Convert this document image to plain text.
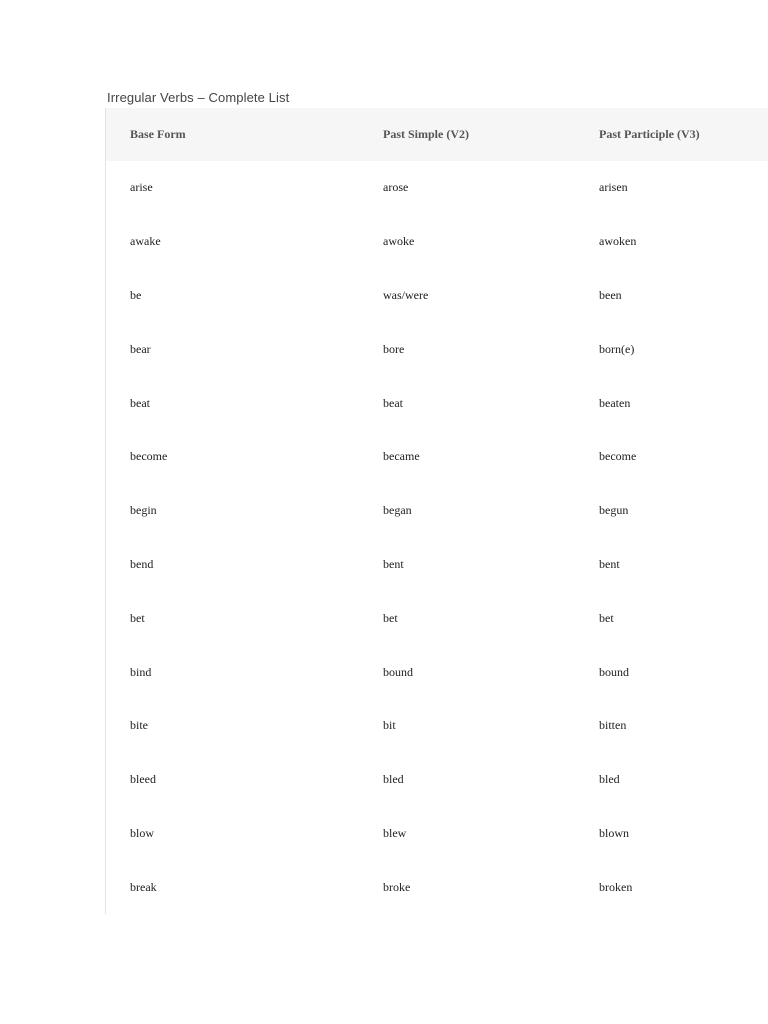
Irregular Verbs – Complete List
Base Form	Past Simple (V2)	Past Participle (V3)
arise	arose	arisen
awake	awoke	awoken
be	was/were	been
bear	bore	born(e)
beat	beat	beaten
become	became	become
begin	began	begun
bend	bent	bent
bet	bet	bet
bind	bound	bound
bite	bit	bitten
bleed	bled	bled
blow	blew	blown
break	broke	broken
